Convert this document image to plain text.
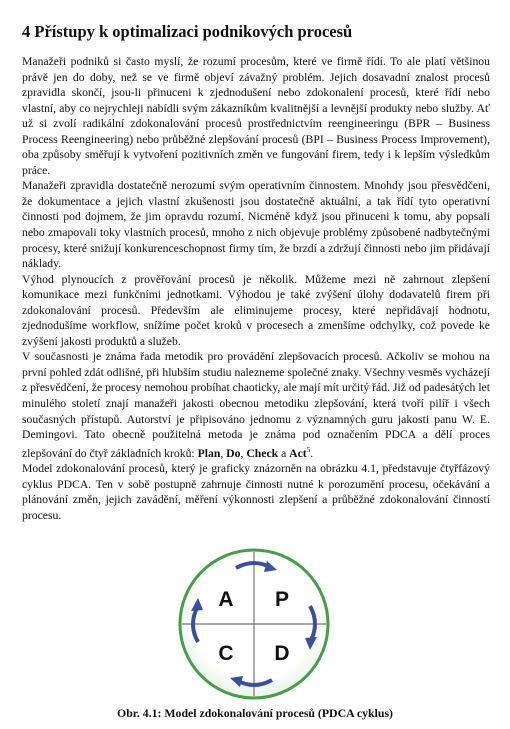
4 Přístupy k optimalizaci podnikových procesů

Manažeři podniků si často myslí, že rozumí procesům, které ve firmě řídí. To ale platí většinou právě jen do doby, než se ve firmě objeví závažný problém. Jejich dosavadní znalost procesů zpravidla skončí, jsou-li přinuceni k zjednodušení nebo zdokonalení procesů, které řídí nebo vlastní, aby co nejrychleji nabídli svým zákazníkům kvalitnější a levnější produkty nebo služby. Ať už si zvolí radikální zdokonalování procesů prostřednictvím reengineeringu (BPR – Business Process Reengineering) nebo průběžné zlepšování procesů (BPI – Business Process Improvement), oba způsoby směřují k vytvoření pozitivních změn ve fungování firem, tedy i k lepším výsledkům práce.

Manažeři zpravidla dostatečně nerozumí svým operativním činnostem. Mnohdy jsou přesvědčeni, že dokumentace a jejich vlastní zkušenosti jsou dostatečně aktuální, a tak řídí tyto operativní činnosti pod dojmem, že jim opravdu rozumí. Nicméně když jsou přinuceni k tomu, aby popsali nebo zmapovali toky vlastních procesů, mnoho z nich objevuje problémy způsobené nadbytečnými procesy, které snižují konkurenceschopnost firmy tím, že brzdí a zdržují činnosti nebo jim přidávají náklady.

Výhod plynoucích z prověřování procesů je několik. Můžeme mezi ně zahrnout zlepšení komunikace mezi funkčními jednotkami. Výhodou je také zvýšení úlohy dodavatelů firem při zdokonalování procesů. Především ale eliminujeme procesy, které nepřidávají hodnotu, zjednodušíme workflow, snížíme počet kroků v procesech a zmenšíme odchylky, což povede ke zvýšení jakosti produktů a služeb.

V současnosti je známa řada metodik pro provádění zlepšovacích procesů. Ačkoliv se mohou na první pohled zdát odlišné, při hlubším studiu nalezneme společné znaky. Všechny vesměs vycházejí z přesvědčení, že procesy nemohou probíhat chaoticky, ale mají mít určitý řád. Již od padesátých let minulého století znají manažeři jakosti obecnou metodiku zlepšování, která tvoří pilíř i všech současných přístupů. Autorství je připisováno jednomu z významných guru jakosti panu W. E. Demingovi. Tato obecně použitelná metoda je známa pod označením PDCA a dělí proces zlepšování do čtyř základních kroků: Plan, Do, Check a Act$^5$.

Model zdokonalování procesů, který je graficky znázorněn na obrázku 4.1, představuje čtyřfázový cyklus PDCA. Ten v sobě postupně zahrnuje činnosti nutné k porozumění procesu, očekávání a plánování změn, jejich zavádění, měření výkonnosti zlepšení a průběžné zdokonalování činností procesu.

A P
C D
Obr. 4.1: Model zdokonalování procesů (PDCA cyklus)
